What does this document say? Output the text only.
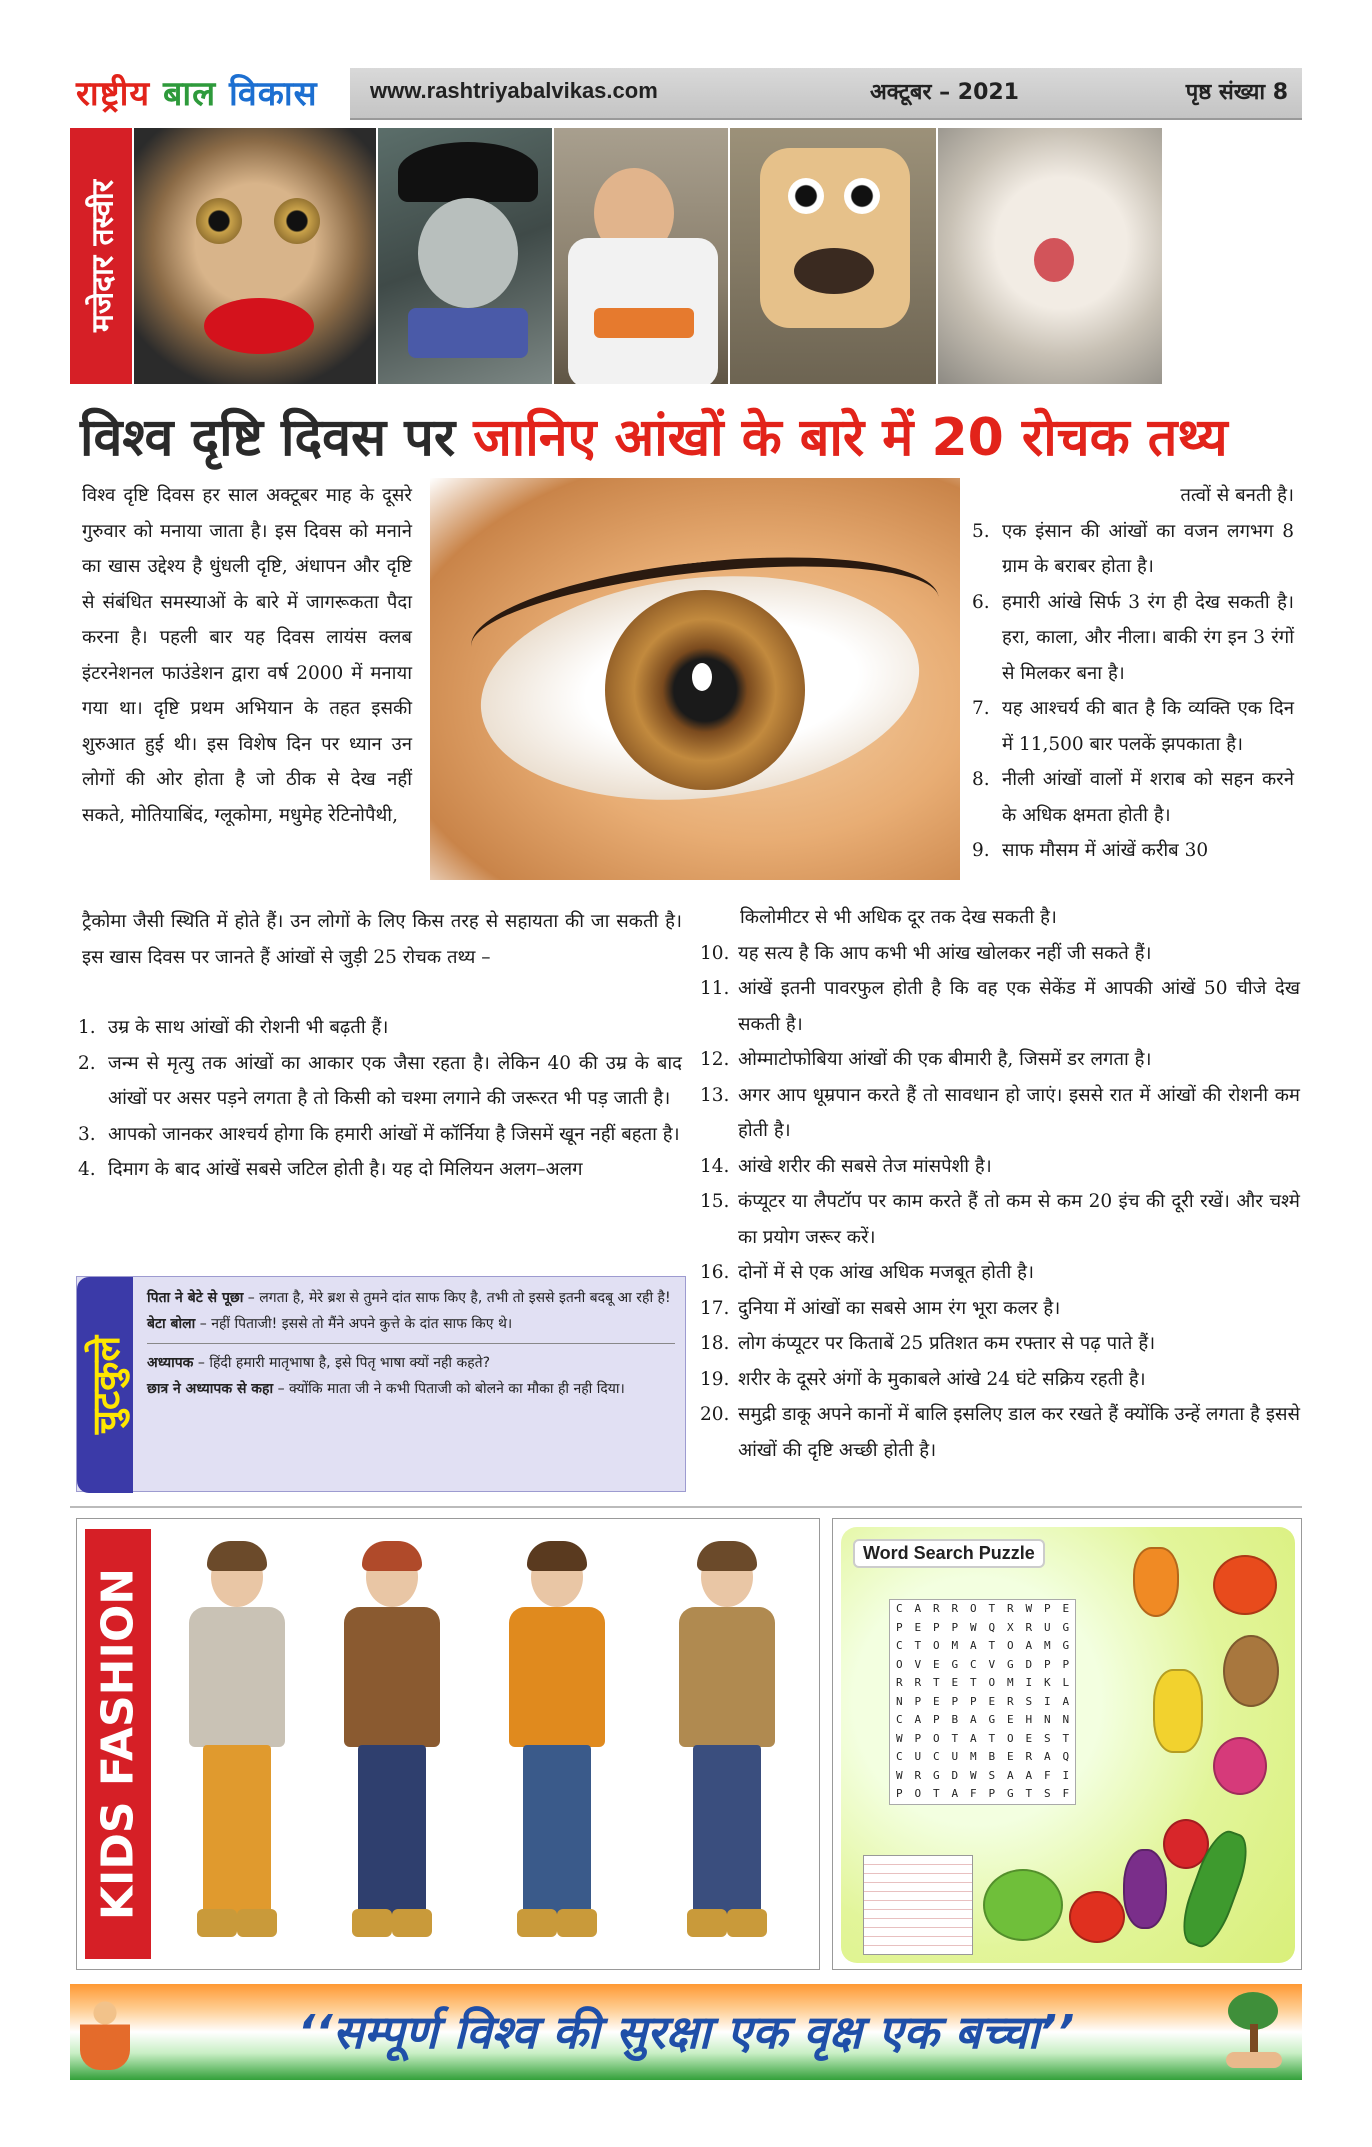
राष्ट्रीय बाल विकास	www.rashtriyabalvikas.com	अक्टूबर – 2021	पृष्ठ संख्या 8
मजेदार तस्वीर
विश्व दृष्टि दिवस पर जानिए आंखों के बारे में 20 रोचक तथ्य
विश्व दृष्टि दिवस हर साल अक्टूबर माह के दूसरे गुरुवार को मनाया जाता है। इस दिवस को मनाने का खास उद्देश्य है धुंधली दृष्टि, अंधापन और दृष्टि से संबंधित समस्याओं के बारे में जागरूकता पैदा करना है। पहली बार यह दिवस लायंस क्लब इंटरनेशनल फाउंडेशन द्वारा वर्ष 2000 में मनाया गया था। दृष्टि प्रथम अभियान के तहत इसकी शुरुआत हुई थी। इस विशेष दिन पर ध्यान उन लोगों की ओर होता है जो ठीक से देख नहीं सकते, मोतियाबिंद, ग्लूकोमा, मधुमेह रेटिनोपैथी,
ट्रैकोमा जैसी स्थिति में होते हैं। उन लोगों के लिए किस तरह से सहायता की जा सकती है। इस खास दिवस पर जानते हैं आंखों से जुड़ी 25 रोचक तथ्य –
1. उम्र के साथ आंखों की रोशनी भी बढ़ती हैं।
2. जन्म से मृत्यु तक आंखों का आकार एक जैसा रहता है। लेकिन 40 की उम्र के बाद आंखों पर असर पड़ने लगता है तो किसी को चश्मा लगाने की जरूरत भी पड़ जाती है।
3. आपको जानकर आश्चर्य होगा कि हमारी आंखों में कॉर्निया है जिसमें खून नहीं बहता है।
4. दिमाग के बाद आंखें सबसे जटिल होती है। यह दो मिलियन अलग–अलग
तत्वों से बनती है।
5. एक इंसान की आंखों का वजन लगभग 8 ग्राम के बराबर होता है।
6. हमारी आंखे सिर्फ 3 रंग ही देख सकती है। हरा, काला, और नीला। बाकी रंग इन 3 रंगों से मिलकर बना है।
7. यह आश्चर्य की बात है कि व्यक्ति एक दिन में 11,500 बार पलकें झपकाता है।
8. नीली आंखों वालों में शराब को सहन करने के अधिक क्षमता होती है।
9. साफ मौसम में आंखें करीब 30
किलोमीटर से भी अधिक दूर तक देख सकती है।
10. यह सत्य है कि आप कभी भी आंख खोलकर नहीं जी सकते हैं।
11. आंखें इतनी पावरफुल होती है कि वह एक सेकेंड में आपकी आंखें 50 चीजे देख सकती है।
12. ओम्माटोफोबिया आंखों की एक बीमारी है, जिसमें डर लगता है।
13. अगर आप धूम्रपान करते हैं तो सावधान हो जाएं। इससे रात में आंखों की रोशनी कम होती है।
14. आंखे शरीर की सबसे तेज मांसपेशी है।
15. कंप्यूटर या लैपटॉप पर काम करते हैं तो कम से कम 20 इंच की दूरी रखें। और चश्मे का प्रयोग जरूर करें।
16. दोनों में से एक आंख अधिक मजबूत होती है।
17. दुनिया में आंखों का सबसे आम रंग भूरा कलर है।
18. लोग कंप्यूटर पर किताबें 25 प्रतिशत कम रफ्तार से पढ़ पाते हैं।
19. शरीर के दूसरे अंगों के मुकाबले आंखे 24 घंटे सक्रिय रहती है।
20. समुद्री डाकू अपने कानों में बालि इसलिए डाल कर रखते हैं क्योंकि उन्हें लगता है इससे आंखों की दृष्टि अच्छी होती है।
चुटकुले
पिता ने बेटे से पूछा – लगता है, मेरे ब्रश से तुमने दांत साफ किए है, तभी तो इससे इतनी बदबू आ रही है!
बेटा बोला – नहीं पिताजी! इससे तो मैंने अपने कुत्ते के दांत साफ किए थे।
अध्यापक – हिंदी हमारी मातृभाषा है, इसे पितृ भाषा क्यों नही कहते?
छात्र ने अध्यापक से कहा – क्योंकि माता जी ने कभी पिताजी को बोलने का मौका ही नही दिया।
KIDS FASHION
Word Search Puzzle
C	A	R	R	O	T	R	W	P	E
P	E	P	P	W	Q	X	R	U	G
C	T	O	M	A	T	O	A	M	G
O	V	E	G	C	V	G	D	P	P
R	R	T	E	T	O	M	I	K	L
N	P	E	P	P	E	R	S	I	A
C	A	P	B	A	G	E	H	N	N
W	P	O	T	A	T	O	E	S	T
C	U	C	U	M	B	E	R	A	Q
W	R	G	D	W	S	A	A	F	I
P	O	T	A	F	P	G	T	S	F
‘‘सम्पूर्ण विश्व की सुरक्षा एक वृक्ष एक बच्चा’’
